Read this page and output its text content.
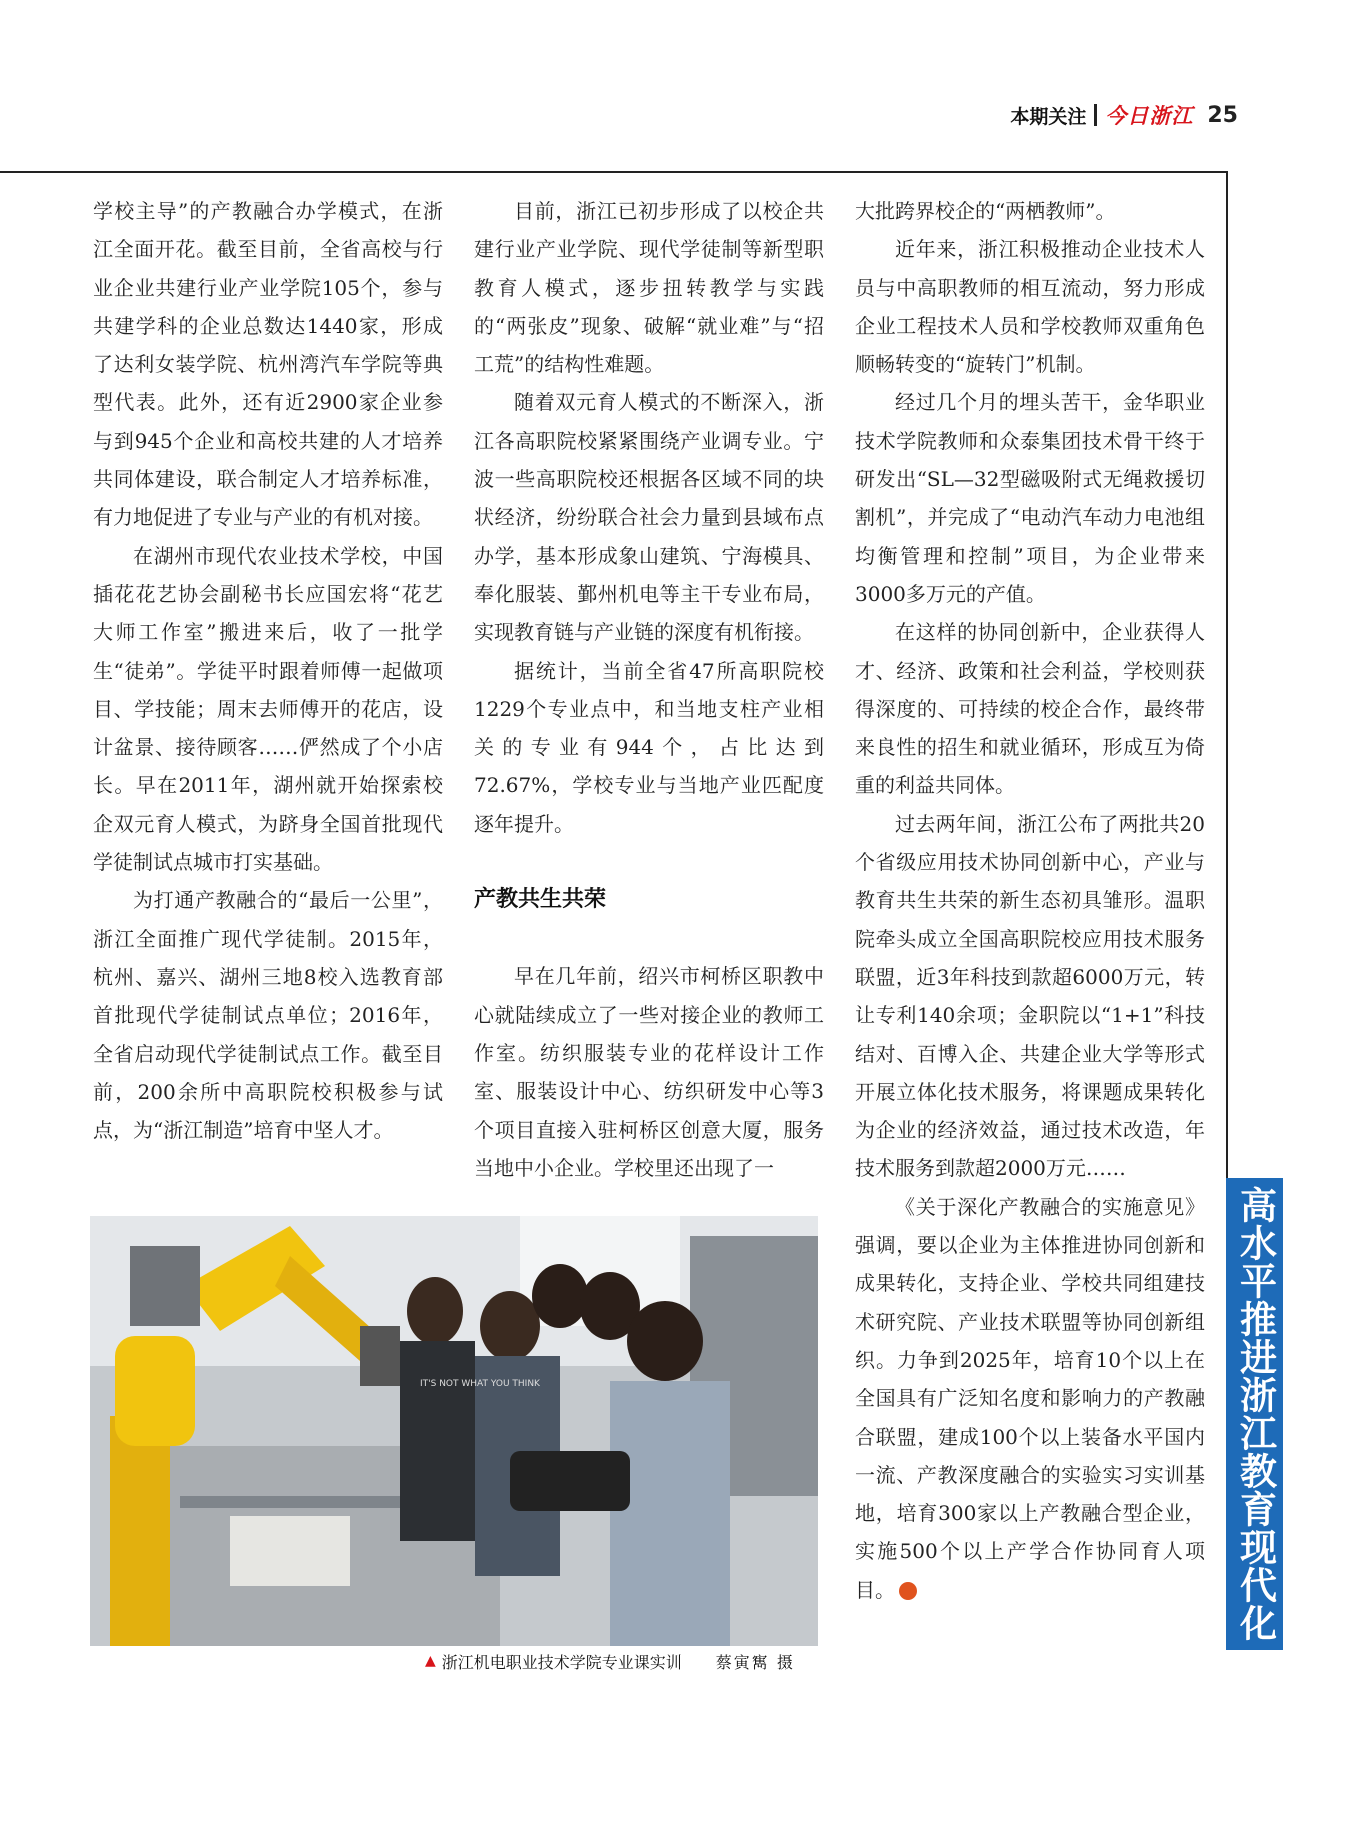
本期关注 今日浙江 25

学校主导”的产教融合办学模式，在浙江全面开花。截至目前，全省高校与行业企业共建行业产业学院105个，参与共建学科的企业总数达1440家，形成了达利女装学院、杭州湾汽车学院等典型代表。此外，还有近2900家企业参与到945个企业和高校共建的人才培养共同体建设，联合制定人才培养标准，有力地促进了专业与产业的有机对接。

在湖州市现代农业技术学校，中国插花花艺协会副秘书长应国宏将“花艺大师工作室”搬进来后，收了一批学生“徒弟”。学徒平时跟着师傅一起做项目、学技能；周末去师傅开的花店，设计盆景、接待顾客……俨然成了个小店长。早在2011年，湖州就开始探索校企双元育人模式，为跻身全国首批现代学徒制试点城市打实基础。

为打通产教融合的“最后一公里”，浙江全面推广现代学徒制。2015年，杭州、嘉兴、湖州三地8校入选教育部首批现代学徒制试点单位；2016年，全省启动现代学徒制试点工作。截至目前，200余所中高职院校积极参与试点，为“浙江制造”培育中坚人才。

目前，浙江已初步形成了以校企共建行业产业学院、现代学徒制等新型职教育人模式，逐步扭转教学与实践的“两张皮”现象、破解“就业难”与“招工荒”的结构性难题。

随着双元育人模式的不断深入，浙江各高职院校紧紧围绕产业调专业。宁波一些高职院校还根据各区域不同的块状经济，纷纷联合社会力量到县域布点办学，基本形成象山建筑、宁海模具、奉化服装、鄞州机电等主干专业布局，实现教育链与产业链的深度有机衔接。

据统计，当前全省47所高职院校1229个专业点中，和当地支柱产业相关的专业有944个，占比达到72.67%，学校专业与当地产业匹配度逐年提升。

产教共生共荣

早在几年前，绍兴市柯桥区职教中心就陆续成立了一些对接企业的教师工作室。纺织服装专业的花样设计工作室、服装设计中心、纺织研发中心等3个项目直接入驻柯桥区创意大厦，服务当地中小企业。学校里还出现了一

大批跨界校企的“两栖教师”。

近年来，浙江积极推动企业技术人员与中高职教师的相互流动，努力形成企业工程技术人员和学校教师双重角色顺畅转变的“旋转门”机制。

经过几个月的埋头苦干，金华职业技术学院教师和众泰集团技术骨干终于研发出“SL—32型磁吸附式无绳救援切割机”，并完成了“电动汽车动力电池组均衡管理和控制”项目，为企业带来3000多万元的产值。

在这样的协同创新中，企业获得人才、经济、政策和社会利益，学校则获得深度的、可持续的校企合作，最终带来良性的招生和就业循环，形成互为倚重的利益共同体。

过去两年间，浙江公布了两批共20个省级应用技术协同创新中心，产业与教育共生共荣的新生态初具雏形。温职院牵头成立全国高职院校应用技术服务联盟，近3年科技到款超6000万元，转让专利140余项；金职院以“1+1”科技结对、百博入企、共建企业大学等形式开展立体化技术服务，将课题成果转化为企业的经济效益，通过技术改造，年技术服务到款超2000万元……

《关于深化产教融合的实施意见》强调，要以企业为主体推进协同创新和成果转化，支持企业、学校共同组建技术研究院、产业技术联盟等协同创新组织。力争到2025年，培育10个以上在全国具有广泛知名度和影响力的产教融合联盟，建成100个以上装备水平国内一流、产教深度融合的实验实习实训基地，培育300家以上产教融合型企业，实施500个以上产学合作协同育人项目。

IT'S NOT WHAT YOU THINK
▲ 浙江机电职业技术学院专业课实训 蔡寅寯 摄
高水平推进浙江教育现代化
